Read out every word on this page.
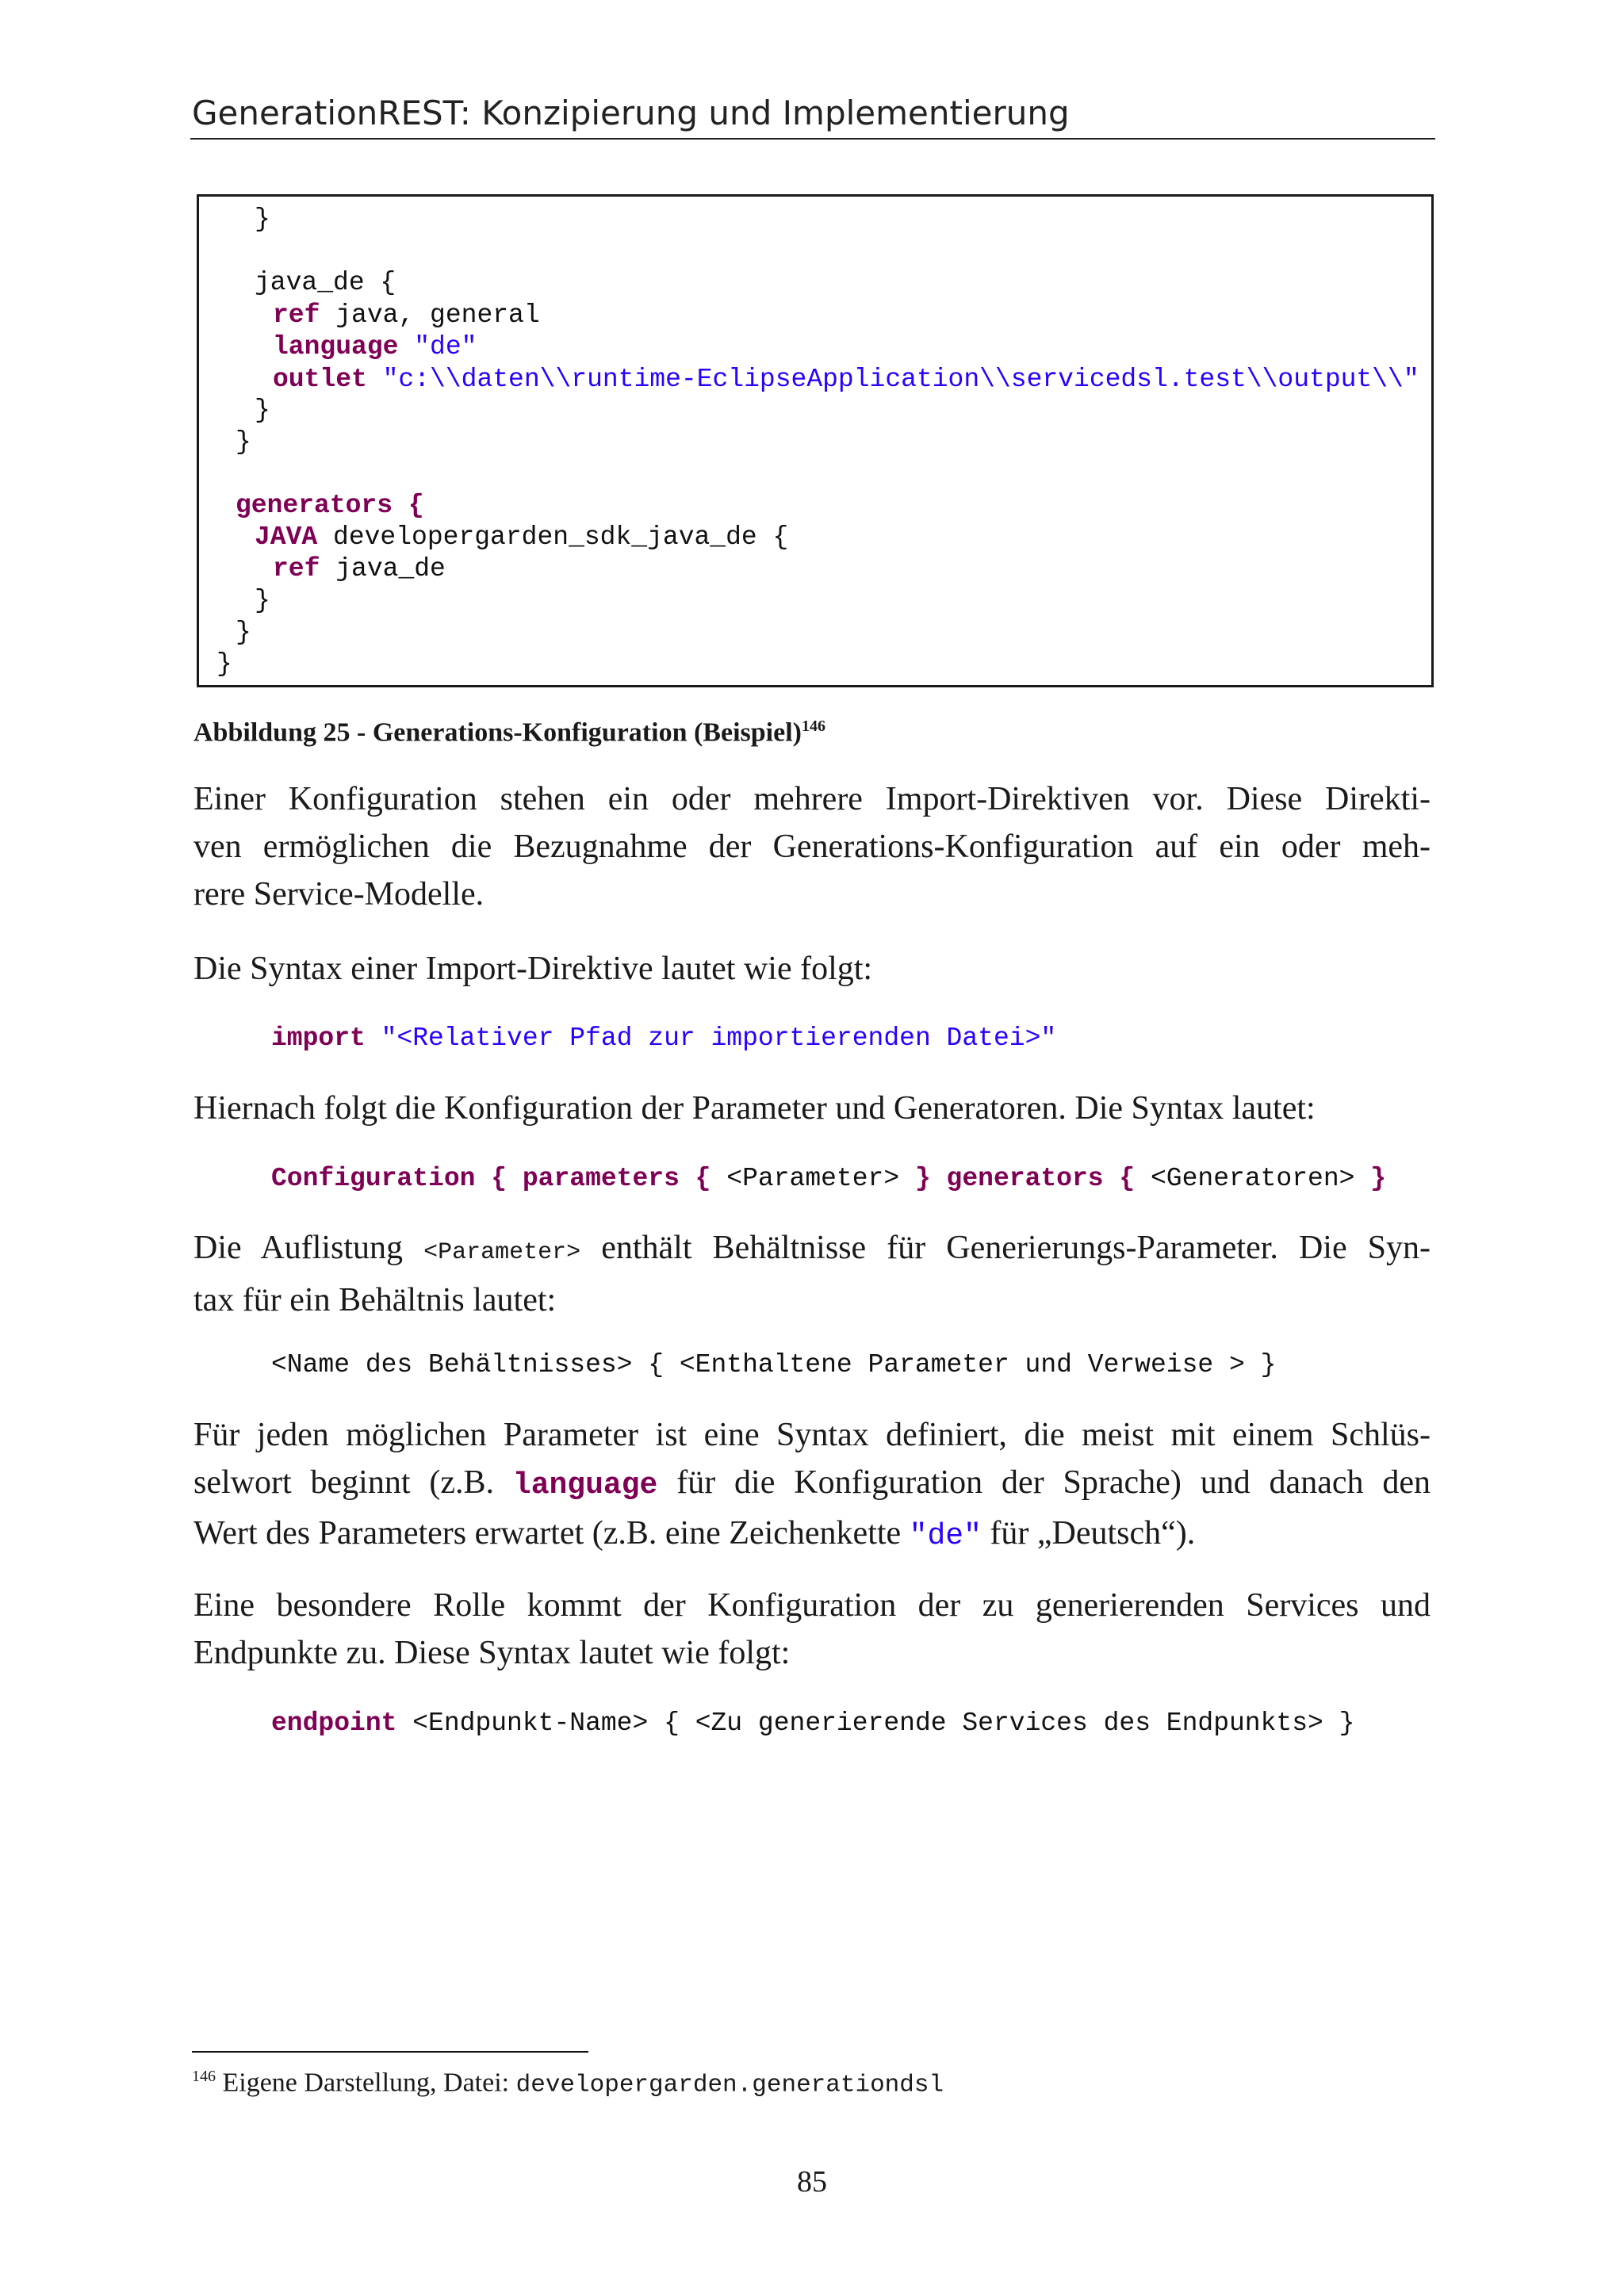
GenerationREST: Konzipierung und Implementierung
}
java_de {
ref java, general
language "de"
outlet "c:\\daten\\runtime-EclipseApplication\\servicedsl.test\\output\\"
}
}
generators {
JAVA developergarden_sdk_java_de {
ref java_de
}
}
}
Abbildung 25 - Generations-Konfiguration (Beispiel)$^{146}$
Einer Konfiguration stehen ein oder mehrere Import-Direktiven vor. Diese Direkti-
ven ermöglichen die Bezugnahme der Generations-Konfiguration auf ein oder meh-
rere Service-Modelle.
Die Syntax einer Import-Direktive lautet wie folgt:
import "<Relativer Pfad zur importierenden Datei>"
Hiernach folgt die Konfiguration der Parameter und Generatoren. Die Syntax lautet:
Configuration { parameters { <Parameter> } generators { <Generatoren> }
Die Auflistung <Parameter> enthält Behältnisse für Generierungs-Parameter. Die Syn-
tax für ein Behältnis lautet:
<Name des Behältnisses> { <Enthaltene Parameter und Verweise > }
Für jeden möglichen Parameter ist eine Syntax definiert, die meist mit einem Schlüs-
selwort beginnt (z.B. language für die Konfiguration der Sprache) und danach den
Wert des Parameters erwartet (z.B. eine Zeichenkette "de" für „Deutsch“).
Eine besondere Rolle kommt der Konfiguration der zu generierenden Services und
Endpunkte zu. Diese Syntax lautet wie folgt:
endpoint <Endpunkt-Name> { <Zu generierende Services des Endpunkts> }
$^{146}$ Eigene Darstellung, Datei: developergarden.generationdsl
85
